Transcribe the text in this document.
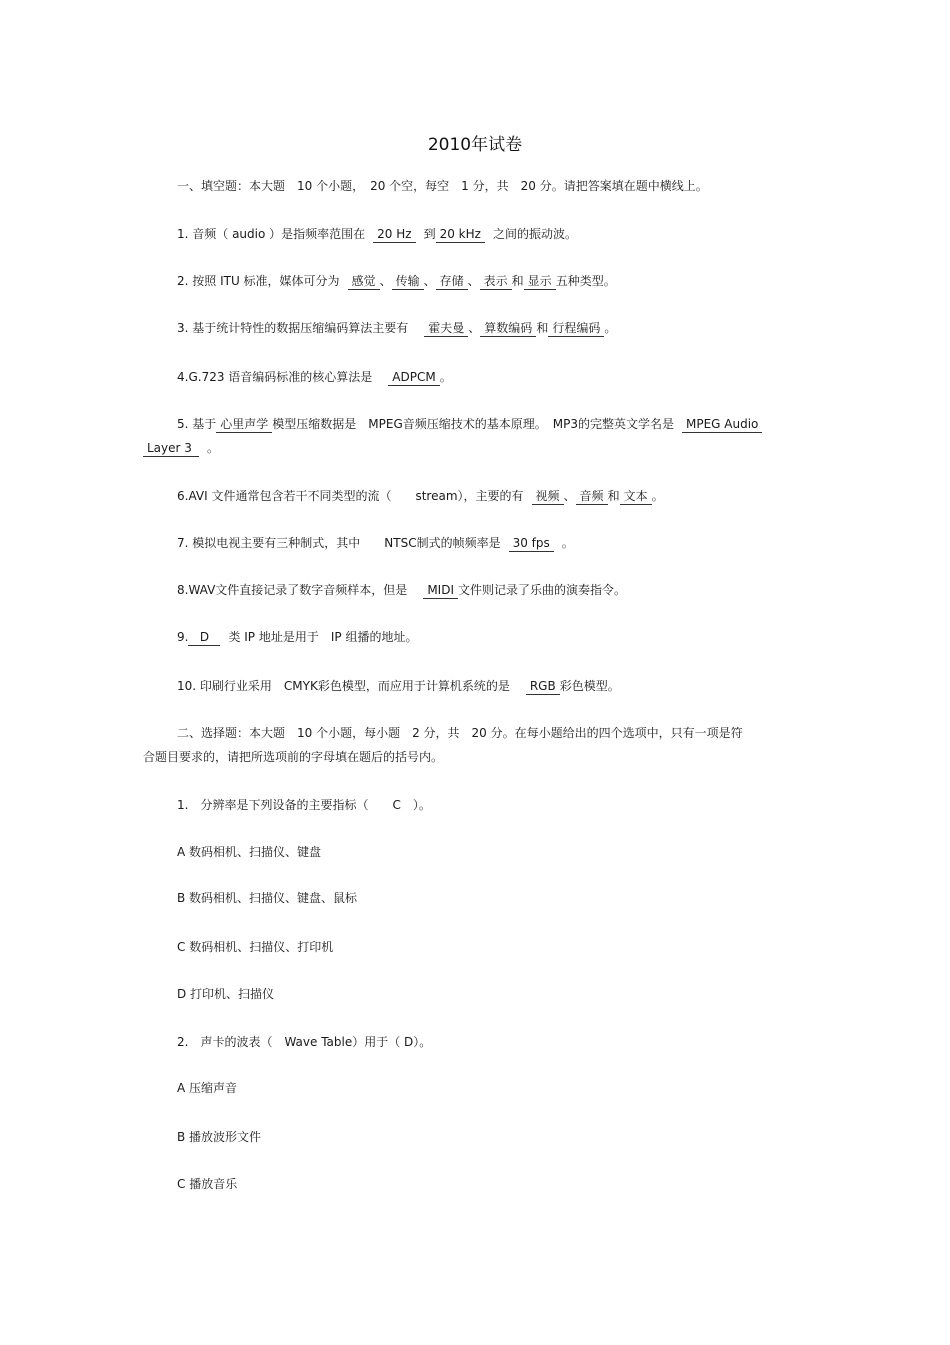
2010年试卷
一、填空题：本大题　10 个小题，　20 个空，每空　1 分，共　20 分。请把答案填在题中横线上。
1. 音频（ audio ）是指频率范围在 20 Hz 到 20 kHz 之间的振动波。
2. 按照 ITU 标准，媒体可分为 感觉 、 传输 、 存储 、 表示 和 显示 五种类型。
3. 基于统计特性的数据压缩编码算法主要有 霍夫曼 、 算数编码 和 行程编码 。
4.G.723 语音编码标准的核心算法是 ADPCM 。
5. 基于 心里声学 模型压缩数据是　MPEG音频压缩技术的基本原理。　MP3的完整英文学名是 MPEG Audio
Layer 3 。
6.AVI 文件通常包含若干不同类型的流（　　stream），主要的有 视频 、 音频 和 文本 。
7. 模拟电视主要有三种制式，其中　　NTSC制式的帧频率是 30 fps 。
8.WAV文件直接记录了数字音频样本，但是 MIDI 文件则记录了乐曲的演奏指令。
9. D 类 IP 地址是用于　IP 组播的地址。
10. 印刷行业采用　CMYK彩色模型，而应用于计算机系统的是 RGB 彩色模型。
二、选择题：本大题　10 个小题，每小题　2 分，共　20 分。在每小题给出的四个选项中，只有一项是符
合题目要求的，请把所选项前的字母填在题后的括号内。
1.　分辨率是下列设备的主要指标（　　C　）。
A 数码相机、扫描仪、键盘
B 数码相机、扫描仪、键盘、鼠标
C 数码相机、扫描仪、打印机
D 打印机、扫描仪
2.　声卡的波表（　Wave Table）用于（ D）。
A 压缩声音
B 播放波形文件
C 播放音乐
